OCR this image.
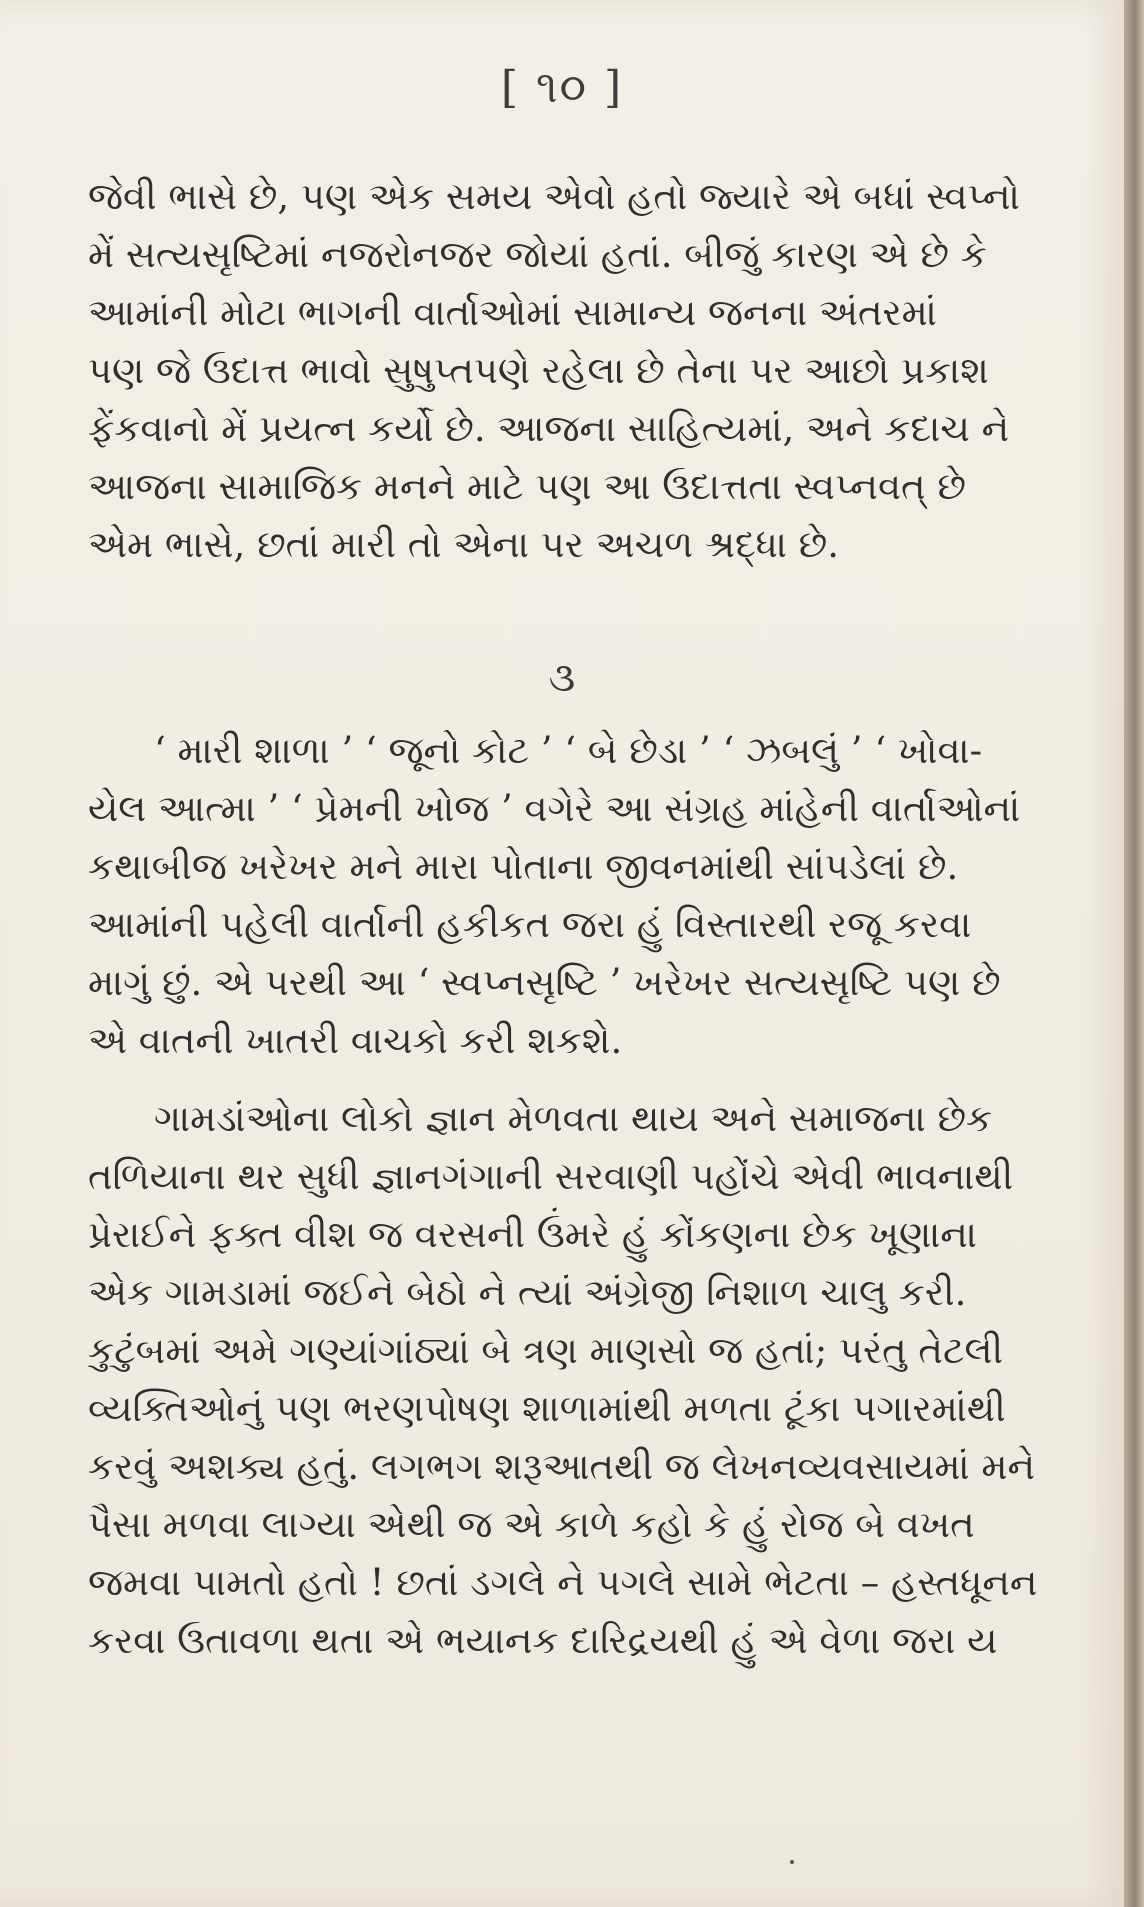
[ ૧૦ ]

જેવી ભાસે છે, પણ એક સમય એવો હતો જ્યારે એ બધાં સ્વપ્નો
મેં સત્યસૃષ્ટિમાં નજરોનજર જોયાં હતાં. બીજું કારણ એ છે કે
આમાંની મોટા ભાગની વાર્તાઓમાં સામાન્ય જનના અંતરમાં
પણ જે ઉદાત્ત ભાવો સુષુપ્તપણે રહેલા છે તેના પર આછો પ્રકાશ
ફેંકવાનો મેં પ્રયત્ન કર્યો છે. આજના સાહિત્યમાં, અને કદાચ ને
આજના સામાજિક મનને માટે પણ આ ઉદાત્તતા સ્વપ્નવત્ છે
એમ ભાસે, છતાં મારી તો એના પર અચળ શ્રદ્ધા છે.

૩

‘ મારી શાળા ’ ‘ જૂનો કોટ ’ ‘ બે છેડા ’ ‘ ઝબલું ’ ‘ ખોવા-
યેલ આત્મા ’ ‘ પ્રેમની ખોજ ’ વગેરે આ સંગ્રહ માંહેની વાર્તાઓનાં
કથાબીજ ખરેખર મને મારા પોતાના જીવનમાંથી સાંપડેલાં છે.
આમાંની પહેલી વાર્તાની હકીકત જરા હું વિસ્તારથી રજૂ કરવા
માગું છું. એ પરથી આ ‘ સ્વપ્નસૃષ્ટિ ’ ખરેખર સત્યસૃષ્ટિ પણ છે
એ વાતની ખાતરી વાચકો કરી શકશે.

ગામડાંઓના લોકો જ્ઞાન મેળવતા થાય અને સમાજના છેક
તળિયાના થર સુધી જ્ઞાનગંગાની સરવાણી પહોંચે એવી ભાવનાથી
પ્રેરાઈને ફક્ત વીશ જ વરસની ઉંમરે હું કોંકણના છેક ખૂણાના
એક ગામડામાં જઈને બેઠો ને ત્યાં અંગ્રેજી નિશાળ ચાલુ કરી.
કુટુંબમાં અમે ગણ્યાંગાંઠ્યાં બે ત્રણ માણસો જ હતાં; પરંતુ તેટલી
વ્યક્તિઓનું પણ ભરણપોષણ શાળામાંથી મળતા ટૂંકા પગારમાંથી
કરવું અશક્ય હતું. લગભગ શરૂઆતથી જ લેખનવ્યવસાયમાં મને
પૈસા મળવા લાગ્યા એથી જ એ કાળે કહો કે હું રોજ બે વખત
જમવા પામતો હતો ! છતાં ડગલે ને પગલે સામે ભેટતા – હસ્તધૂનન
કરવા ઉતાવળા થતા એ ભયાનક દારિદ્રયથી હું એ વેળા જરા ય
